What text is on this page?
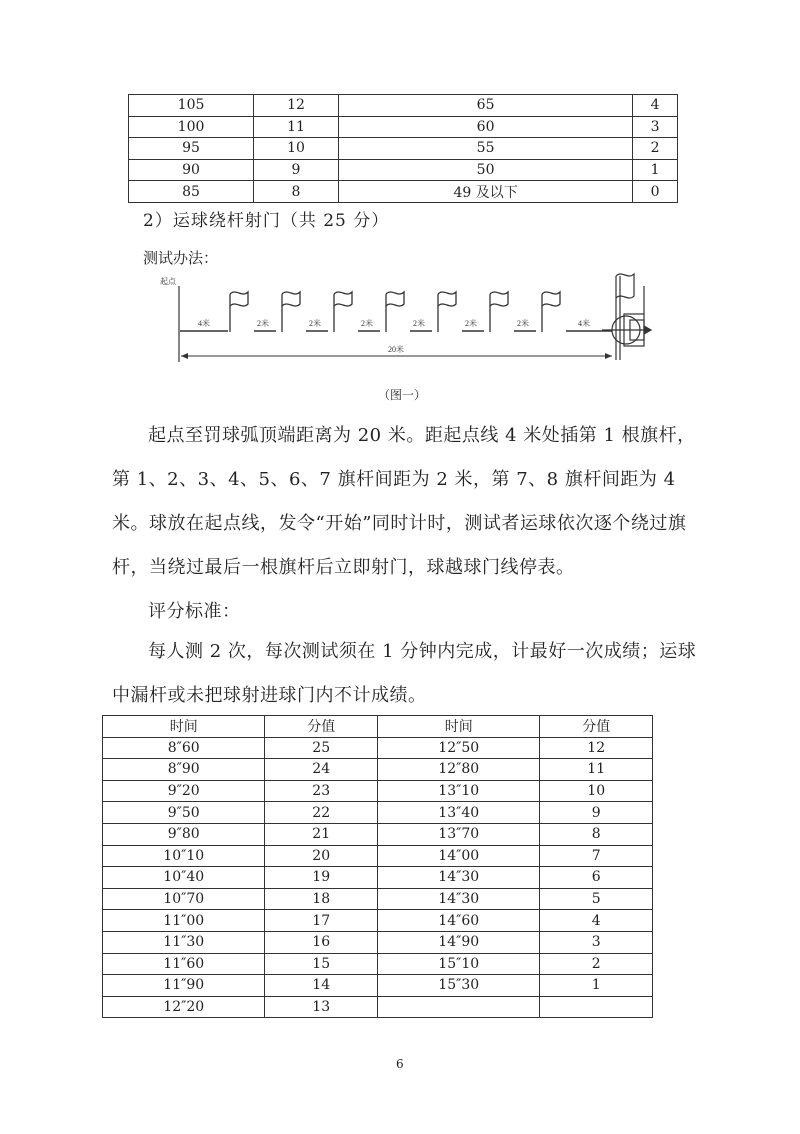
105	12	65	4
100	11	60	3
95	10	55	2
90	9	50	1
85	8	49 及以下	0
2）运球绕杆射门（共 25 分）
测试办法：
起点
4米	2米	2米	2米	2米	2米	2米	4米
20米
（图一）

起点至罚球弧顶端距离为 20 米。距起点线 4 米处插第 1 根旗杆，第 1、2、3、4、5、6、7 旗杆间距为 2 米，第 7、8 旗杆间距为 4 米。球放在起点线，发令“开始”同时计时，测试者运球依次逐个绕过旗杆，当绕过最后一根旗杆后立即射门，球越球门线停表。

评分标准：

每人测 2 次，每次测试须在 1 分钟内完成，计最好一次成绩；运球中漏杆或未把球射进球门内不计成绩。

时间	分值	时间	分值
8″60	25	12″50	12
8″90	24	12″80	11
9″20	23	13″10	10
9″50	22	13″40	9
9″80	21	13″70	8
10″10	20	14″00	7
10″40	19	14″30	6
10″70	18	14″30	5
11″00	17	14″60	4
11″30	16	14″90	3
11″60	15	15″10	2
11″90	14	15″30	1
12″20	13		
6
